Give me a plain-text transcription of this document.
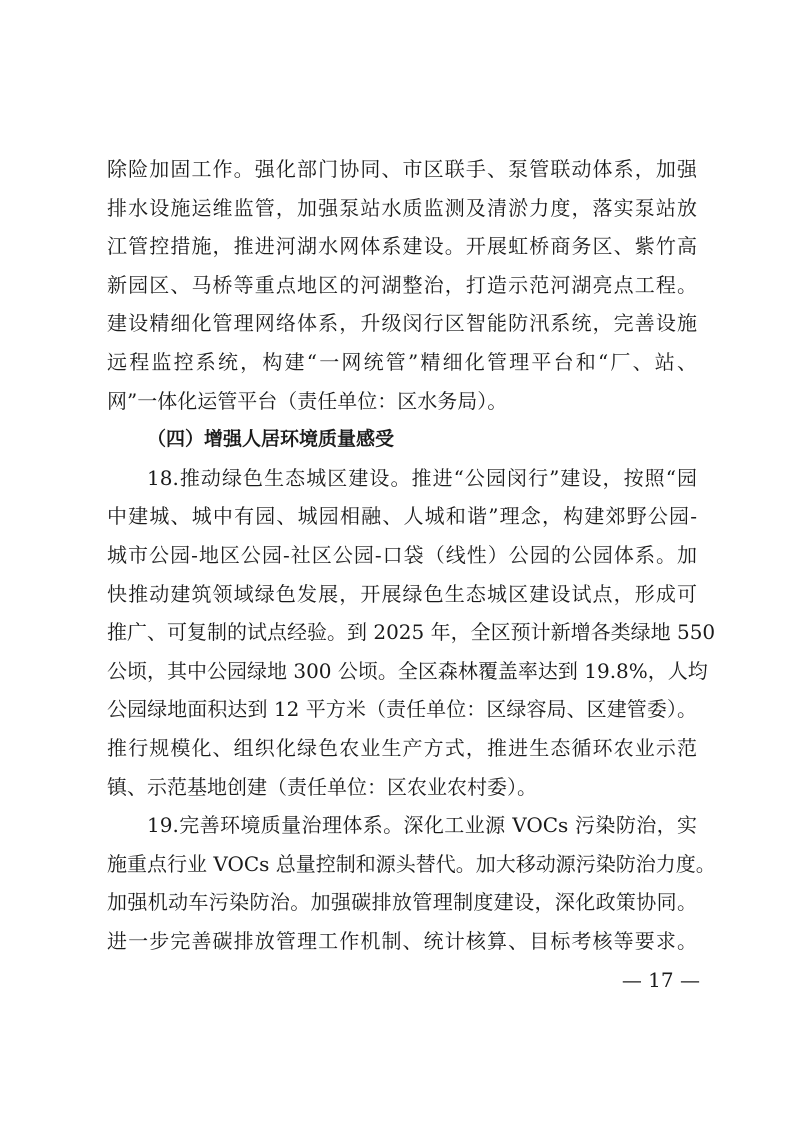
除险加固工作。强化部门协同、市区联手、泵管联动体系，加强
排水设施运维监管，加强泵站水质监测及清淤力度，落实泵站放
江管控措施，推进河湖水网体系建设。开展虹桥商务区、紫竹高
新园区、马桥等重点地区的河湖整治，打造示范河湖亮点工程。
建设精细化管理网络体系，升级闵行区智能防汛系统，完善设施
远程监控系统，构建“一网统管”精细化管理平台和“厂、站、
网”一体化运管平台（责任单位：区水务局）。
（四）增强人居环境质量感受
18.推动绿色生态城区建设。推进“公园闵行”建设，按照“园
中建城、城中有园、城园相融、人城和谐”理念，构建郊野公园-
城市公园-地区公园-社区公园-口袋（线性）公园的公园体系。加
快推动建筑领域绿色发展，开展绿色生态城区建设试点，形成可
推广、可复制的试点经验。到 2025 年，全区预计新增各类绿地 550
公顷，其中公园绿地 300 公顷。全区森林覆盖率达到 19.8%，人均
公园绿地面积达到 12 平方米（责任单位：区绿容局、区建管委）。
推行规模化、组织化绿色农业生产方式，推进生态循环农业示范
镇、示范基地创建（责任单位：区农业农村委）。
19.完善环境质量治理体系。深化工业源 VOCs 污染防治，实
施重点行业 VOCs 总量控制和源头替代。加大移动源污染防治力度。
加强机动车污染防治。加强碳排放管理制度建设，深化政策协同。
进一步完善碳排放管理工作机制、统计核算、目标考核等要求。
— 17 —
